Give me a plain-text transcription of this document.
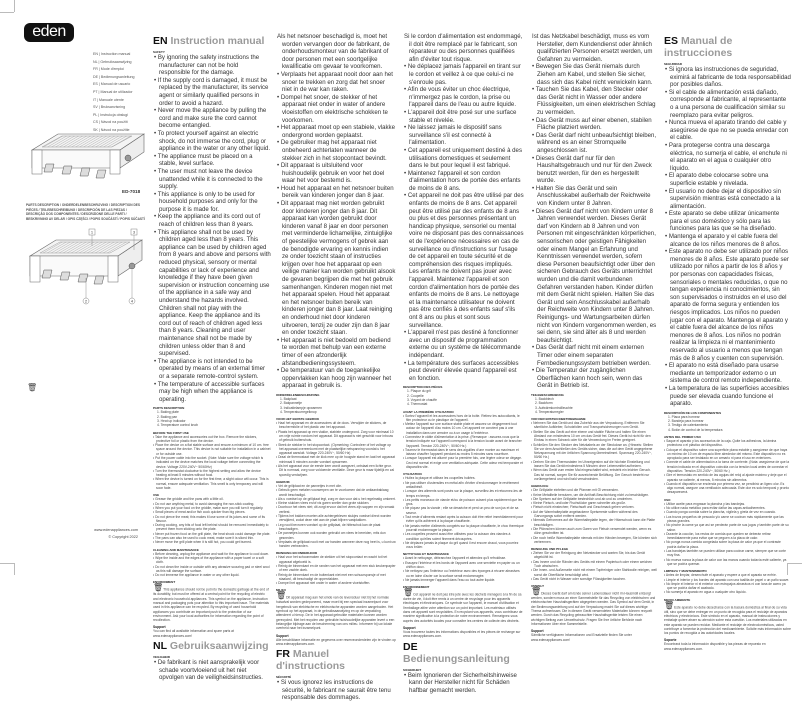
eden
EN | Instruction manual
NL | Gebruiksaanwijzing
FR | Mode d'emploi
DE | Bedienungsanleitung
ES | Manual de usuario
PT | Manual de utilizador
IT | Manuale utente
SV | Bruksanvisning
PL | Instrukcja obsługi
CS | Návod na použití
SK | Návod na použitie
ED-7018
PARTS DESCRIPTION / ONDERDELENBESCHRIJVING / DESCRIPTION DES PIÈCES / TEILEBESCHREIBUNG / DESCRIPCIÓN DE LAS PIEZAS / DESCRIÇÃO DOS COMPONENTES / DESCRIZIONE DELLE PARTI / BESKRIVNING AV DELAR / OPIS CZĘŚCI / POPIS SOUČÁSTÍ / POPIS SÚČASTÍ
1	3
2	4
🗑
www.edenappliances.com
© Copyright 2022
EN Instruction manual
SAFETY
• By ignoring the safety instructions the manufacturer can not be hold responsible for the damage.
• If the supply cord is damaged, it must be replaced by the manufacturer, its service agent or similarly qualified persons in order to avoid a hazard.
• Never move the appliance by pulling the cord and make sure the cord cannot become entangled.
• To protect yourself against an electric shock, do not immerse the cord, plug or appliance in the water or any other liquid.
• The appliance must be placed on a stable, level surface.
• The user must not leave the device unattended while it is connected to the supply.
• This appliance is only to be used for household purposes and only for the purpose it is made for.
• Keep the appliance and its cord out of reach of children less than 8 years.
• This appliance shall not be used by children aged less than 8 years. This appliance can be used by children aged from 8 years and above and persons with reduced physical, sensory or mental capabilities or lack of experience and knowledge if they have been given supervision or instruction concerning use of the appliance in a safe way and understand the hazards involved. Children shall not play with the appliance. Keep the appliance and its cord out of reach of children aged less than 8 years. Cleaning and user maintenance shall not be made by children unless older than 8 and supervised.
• The appliance is not intended to be operated by means of an external timer or a separate remote-control system.
• The temperature of accessible surfaces may be high when the appliance is operating.
PARTS DESCRIPTION
1. Baking plate
2. Baking pan
3. Heat up indicator
4. Temperature control knob
BEFORE THE FIRST USE
• Take the appliance and accessories out the box. Remove the stickers, protective foil or plastic from the device.
• Place the device on a flat stable surface and ensure a minimum of 10 cm. free space around the device. This device is not suitable for installation in a cabinet or for outside use.
• Put the power cable into the socket. (Note: Make sure the voltage which is indicated on the device matches the local voltage before connecting the device. Voltage 220V-240V~ 50/60Hz)
• Turn the thermostat clockwise to the highest setting and allow the device heating at least 5 minutes without food.
• When the device is turned on for the first time, a slight odour will occur. This is normal, ensure adequate ventilation. This smell is only temporary and will soon fade.
USE
• Grease the griddle and the pans with a little oil.
• Do not use anything metal, to avoid damaging the non-stick coating.
• When you put your food on the griddle, make sure you will turn it regularly.
• Small pieces of meat and/or fish cook quicker than big pieces.
• Do not pierce the meat; this makes it lose some of its juices and some of its flavour.
• During cooking, any bits of food left behind should be removed immediately to prevent them from sticking onto the plate.
• Never put frozen food on the grill plate, the heat shock could damage the plate.
• The pans can also be used to cook meat, make sure it is sliced thin.
• Never move the grill plate when it is still hot, you could get burned.
CLEANING AND MAINTENANCE
• Before cleaning, unplug the appliance and wait for the appliance to cool down.
• Wipe the inside and the edges of the appliance with a paper towel or a soft cloth.
• Do not clean the inside or outside with any abrasive scouring pad or steel wool as this will damage the surface.
• Do not immerse the appliance in water or any other liquid.
ENVIRONMENT
🗑This appliance should not be put into the domestic garbage at the end of its durability, but must be offered at a central point for the recycling of electric and electronic household appliances. This symbol on the appliance, instruction manual and packaging puts your attention to this important issue. The materials used in this appliance can be recycled. By recycling of used household appliances you contribute an important push to the protection of our environment. Ask your local authorities for information regarding the point of recollection.
Support
You can find all available information and spare parts at www.edenappliances.com!
NL Gebruiksaanwijzing
VEILIGHEID
• De fabrikant is niet aansprakelijk voor schade voortvloeiend uit het niet opvolgen van de veiligheidsinstructies.
Als het netsnoer beschadigd is, moet het worden vervangen door de fabrikant, de onderhoudsmonteur van de fabrikant of door personen met een soortgelijke kwalificatie om gevaar te voorkomen.
• Verplaats het apparaat nooit door aan het snoer te trekken en zorg dat het snoer niet in de war kan raken.
• Dompel het snoer, de stekker of het apparaat niet onder in water of andere vloeistoffen om elektrische schokken te voorkomen.
• Het apparaat moet op een stabiele, vlakke ondergrond worden geplaatst.
• De gebruiker mag het apparaat niet onbeheerd achterlaten wanneer de stekker zich in het stopcontact bevindt.
• Dit apparaat is uitsluitend voor huishoudelijk gebruik en voor het doel waar het voor bestemd is.
• Houd het apparaat en het netsnoer buiten bereik van kinderen jonger dan 8 jaar.
• Dit apparaat mag niet worden gebruikt door kinderen jonger dan 8 jaar. Dit apparaat kan worden gebruikt door kinderen vanaf 8 jaar en door personen met verminderde lichamelijke, zintuiglijke of geestelijke vermogens of gebrek aan de benodigde ervaring en kennis indien ze onder toezicht staan of instructies krijgen over hoe het apparaat op een veilige manier kan worden gebruikt alsook de gevaren begrijpen die met het gebruik samenhangen. Kinderen mogen niet met het apparaat spelen. Houd het apparaat en het netsnoer buiten bereik van kinderen jonger dan 8 jaar. Laat reiniging en onderhoud niet door kinderen uitvoeren, tenzij ze ouder zijn dan 8 jaar en onder toezicht staan.
• Het apparaat is niet bedoeld om bediend te worden met behulp van een externe timer of een afzonderlijk afstandbedieningssysteem.
• De temperatuur van de toegankelijke oppervlakken kan hoog zijn wanneer het apparaat in gebruik is.
ONDERDELENBESCHRIJVING
1. Bakplaat
2. Bakpannetje
3. Indicatielampje opwarmen
4. Temperatuurregelknop
VOOR HET EERSTE GEBRUIK
• Haal het apparaat en de accessoires uit de doos. Verwijder de stickers, de beschermfolie of het plastic van het apparaat.
• Plaats het apparaat op een vlakke, stabiele ondergrond. Zorg voor minimaal 10 cm vrije ruimte rondom het apparaat. Dit apparaat is niet geschikt voor inbouw of gebruik buitenshuis.
• Steek de stekker in het stopcontact. (Opmerking: Controleer of het voltage op het apparaat overeenkomt met de plaatselijke netspanning voordat u het apparaat aansluit. Voltage 220-240V~, 50/60 Hz)
• Draai de thermostaat met de klok mee op de hoogste stand en laat het apparaat minimaal 5 minuten zonder voedsel opwarmen.
• Als het apparaat voor de eerste keer wordt aangezet, ontstaat een lichte geur. Dit is normaal, zorg voor voldoende ventilatie. Deze geur is maar tijdelijk en zal spoedig verdwijnen.
GEBRUIK
• Vet de grillplaat en de pannetjes in met olie.
• Gebruik geen metalen voorwerpen om te voorkomen dat de antiaanbaklaag wordt beschadigd.
• Als u voedsel op de grillplaat legt, zorg er dan voor dat u het regelmatig omkeert.
• Kleine stukken vlees en/of vis garen sneller dan grote stukken.
• Doorboor het vlees niet; dit zorgt ervoor dat het vlees zijn sappen en zijn smaak verliest.
• Tijdens het bakken moeten alle achtergebleven stukjes voedsel direct worden verwijderd, zodat deze niet aan de plaat blijven vastplakken.
• Leg nooit bevroren voedsel op de grillplaat, de hitteschok kan de plaat beschadigen.
• De pannetjes kunnen ook worden gebruikt om vlees te bereiden, mits dun gesneden.
• Verplaats de grillplaat nooit met uw handen wanneer deze nog heet is, u kunt uw handen verbranden.
REINIGING EN ONDERHOUD
• Haal voor het schoonmaken de stekker uit het stopcontact en wacht tot het apparaat afgekoeld is.
• Reinig de binnenkant en de randen van het apparaat met een stuk keukenpapier of een zachte doek.
• Reinig de binnenkant en de buitenkant niet met een schuursponsje of met staalwol, dit beschadigt de oppervlakken.
• Dompel het apparaat niet onder in water of andere vloeistoffen.
MILIEU
🗑Dit apparaat mag aan het einde van de levensduur niet bij het normale huisafval worden gedeponeerd, maar moet bij een speciaal inzamelpunt voor hergebruik van elektrische en elektronische apparaten worden aangeboden. Het symbool op het apparaat, in de gebruiksaanwijzing en op de verpakking attendeert u hierop. De in het apparaat gebruikte materialen kunnen worden gerecycled. Met het recyclen van gebruikte huishoudelijke apparaten levert u een belangrijke bijdrage aan de bescherming van ons milieu. Informeer bij uw lokale overheid naar het inzamelpunt.
Support
Alle beschikbare informatie en gegevens over reserveonderdelen zijn te vinden op www.edenappliances.com.
FR Manuel d'instructions
SÉCURITÉ
• Si vous ignorez les instructions de sécurité, le fabricant ne saurait être tenu responsable des dommages.
Si le cordon d'alimentation est endommagé, il doit être remplacé par le fabricant, son réparateur ou des personnes qualifiées afin d'éviter tout risque.
• Ne déplacez jamais l'appareil en tirant sur le cordon et veillez à ce que celui-ci ne s'enroule pas.
• Afin de vous éviter un choc électrique, n'immergez pas le cordon, la prise ou l'appareil dans de l'eau ou autre liquide.
• L'appareil doit être posé sur une surface stable et nivelée.
• Ne laissez jamais le dispositif sans surveillance s'il est connecté à l'alimentation.
• Cet appareil est uniquement destiné à des utilisations domestiques et seulement dans le but pour lequel il est fabriqué.
• Maintenez l'appareil et son cordon d'alimentation hors de portée des enfants de moins de 8 ans.
• Cet appareil ne doit pas être utilisé par des enfants de moins de 8 ans. Cet appareil peut être utilisé par des enfants de 8 ans ou plus et des personnes présentant un handicap physique, sensoriel ou mental voire ne disposant pas des connaissances et de l'expérience nécessaires en cas de surveillance ou d'instructions sur l'usage de cet appareil en toute sécurité et de compréhension des risques impliqués. Les enfants ne doivent pas jouer avec l'appareil. Maintenez l'appareil et son cordon d'alimentation hors de portée des enfants de moins de 8 ans. Le nettoyage et la maintenance utilisateur ne doivent pas être confiés à des enfants sauf s'ils ont 8 ans ou plus et sont sous surveillance.
• L'appareil n'est pas destiné à fonctionner avec un dispositif de programmation externe ou un système de télécommande indépendant.
• La température des surfaces accessibles peut devenir élevée quand l'appareil est en fonction.
DESCRIPTION DES PIÈCES
1. Plaque du gril
2. Coupelle
3. Voyant de chauffe
4. Thermostat
AVANT LA PREMIÈRE UTILISATION
• Sortez l'appareil et les accessoires hors de la boîte. Retirez les autocollants, le film protecteur ou le plastique de l'appareil.
• Mettez l'appareil sur une surface stable plate et assurez un dégagement tout autour de l'appareil d'au moins 10 cm. Cet appareil ne convient pas à une installation dans une armoire ou à un usage à l'extérieur.
• Connectez le câble d'alimentation à la prise. (Remarque : assurez-vous que la tension indiquée sur l'appareil correspond à la tension locale avant de brancher l'appareil. Tension 220-240V~, 50/60 Hz.)
• Tournez le thermostat dans le sens des aiguilles d'une montre au maximum et laissez chauffer l'appareil pendant au moins 5 minutes sans nourriture.
• Lorsque l'appareil est allumé pour la première fois, une légère odeur se dégage. Ceci est normal et exige une ventilation adéquate. Cette odeur est temporaire et disparaîtra vite.
UTILISATION
• Huilez la plaque et utilisez les coupelles huilées.
• Ne pas utiliser d'ustensiles en métal afin d'éviter d'endommager le revêtement antiadhésif.
• Lorsque des aliments sont posés sur la plaque, surveillez-les et retournez-les de temps en temps.
• Les petits morceaux de viande et/ou de poisson cuisent plus rapidement que les gros.
• Ne piquez pas la viande ; elle se dessèche et perd un peu de son jus et de sa saveur.
• Tout reste d'aliments restant après la cuisson doit être retiré immédiatement pour éviter qu'ils adhèrent à la plaque chauffante.
• Ne jamais mettre d'aliments congelés sur la plaque chauffante, le choc thermique pourrait endommager la plaque.
• Les coupelles peuvent aussi être utilisées pour la cuisson des viandes à condition qu'elles soient finement découpées.
• Ne déplacez jamais la plaque du gril quand il est encore chaud, vous pourriez vous brûler.
NETTOYAGE ET MAINTENANCE
• Avant le nettoyage, débranchez l'appareil et attendez qu'il refroidisse.
• Essuyez l'intérieur et les bords de l'appareil avec une serviette en papier ou un chiffon doux.
• Ne nettoyez pas l'intérieur ou l'extérieur avec des éponges à récurer abrasives ou en laine d'acier car la surface serait endommagée.
• Ne jamais immerger l'appareil dans l'eau ou tout autre liquide.
ENVIRONNEMENT
🗑Cet appareil ne doit pas être jeté avec les déchets ménagers à la fin de sa durée de vie, il doit être remis à un centre de recyclage pour les appareils électriques et électroniques. Ce symbole sur l'appareil, le manuel d'utilisation et l'emballage attire votre attention sur un point important. Les matériaux utilisés dans cet appareil sont recyclables. En recyclant vos appareils, vous contribuez de manière significative à la protection de notre environnement. Renseignez-vous auprès des autorités locales pour connaître les centres de collecte des déchets.
Support
Vous trouverez toutes les informations disponibles et les pièces de rechange sur www.edenappliances.com.
DE Bedienungsanleitung
SICHERHEIT
• Beim Ignorieren der Sicherheitshinweise kann der Hersteller nicht für Schäden haftbar gemacht werden.
Ist das Netzkabel beschädigt, muss es vom Hersteller, dem Kundendienst oder ähnlich qualifizierten Personen ersetzt werden, um Gefahren zu vermeiden.
• Bewegen Sie das Gerät niemals durch Ziehen am Kabel, und stellen Sie sicher, dass sich das Kabel nicht verwickeln kann.
• Tauchen Sie das Kabel, den Stecker oder das Gerät nicht in Wasser oder andere Flüssigkeiten, um einen elektrischen Schlag zu vermeiden.
• Das Gerät muss auf einer ebenen, stabilen Fläche platziert werden.
• Das Gerät darf nicht unbeaufsichtigt bleiben, während es an einer Stromquelle angeschlossen ist.
• Dieses Gerät darf nur für den Haushaltsgebrauch und nur für den Zweck benutzt werden, für den es hergestellt wurde.
• Halten Sie das Gerät und sein Anschlusskabel außerhalb der Reichweite von Kindern unter 8 Jahren.
• Dieses Gerät darf nicht von Kindern unter 8 Jahren verwendet werden. Dieses Gerät darf von Kindern ab 8 Jahren und von Personen mit eingeschränkten körperlichen, sensorischen oder geistigen Fähigkeiten oder einem Mangel an Erfahrung und Kenntnissen verwendet werden, sofern diese Personen beaufsichtigt oder über den sicheren Gebrauch des Geräts unterrichtet wurden und die damit verbundenen Gefahren verstanden haben. Kinder dürfen mit dem Gerät nicht spielen. Halten Sie das Gerät und sein Anschlusskabel außerhalb der Reichweite von Kindern unter 8 Jahren. Reinigungs- und Wartungsarbeiten dürfen nicht von Kindern vorgenommen werden, es sei denn, sie sind älter als 8 und werden beaufsichtigt.
• Das Gerät darf nicht mit einem externen Timer oder einem separaten Fernbedienungssystem betrieben werden.
• Die Temperatur der zugänglichen Oberflächen kann hoch sein, wenn das Gerät in Betrieb ist.
TEILEBESCHREIBUNG
1. Backblech
2. Backform
3. Aufwärmkontrollleuchte
4. Temperaturregler
VOR DER ERSTEN INBETRIEBNAHME
• Nehmen Sie das Gerät und das Zubehör aus der Verpackung. Entfernen Sie sämtliche Aufkleber, Schutzfolien und Transportsicherungen vom Gerät.
• Stellen Sie das Gerät auf eine ebene und stabile Fläche und halten Sie einen Abstand von mindestens 10 cm um das Gerät frei. Dieses Gerät ist nicht für den Einbau in einen Schrank oder für die Verwendung im Freien geeignet.
• Schließen Sie den Stecker des Netzkabels an der Steckdose an. (Hinweis: Stellen Sie vor dem Anschließen des Geräts sicher, dass die auf dem Gerät angegebene Netzspannung mit der örtlichen Spannung übereinstimmt. Spannung 220-240V~, 50/60 Hz.)
• Drehen Sie den Thermostaten im Uhrzeigersinn auf die höchste Einstellung und lassen Sie das Gerät mindestens 5 Minuten ohne Lebensmittel aufheizen.
• Wenn das Gerät zum ersten Mal eingeschaltet wird, entsteht ein leichter Geruch. Das ist normal, sorgen Sie für ausreichende Belüftung. Der Geruch besteht nur vorübergehend und wird bald verschwinden.
GEBRAUCH
• Die Grillplatte einfetten und die Pfannen mit Öl verwenden.
• Keine Metallteile benutzen, um die Antihaft-Beschichtung nicht zu beschädigen.
• Die Speisen auf der Grillplatte bestechlich und ab und zu umdrehen.
• Kleine Fleisch- und/oder Fischstücke garen schneller als große.
• Fleisch nicht einstechen; Fleischsaft und Geschmack gehen verloren.
• Auf der Warmhalteplatte angebackene Speisereste sollten während des Garvorgangs sofort entfernt werden.
• Niemals Gefrorenes auf die Warmhalteplatte legen, der Hitzeschock kann die Platte beschädigen.
• Die Pfännchen können auch zum Garen von Fleisch verwendet werden, wenn es dünn geschnitten ist.
• Die noch heiße Warmhalteplatte niemals mit den Händen bewegen, Sie könnten sich verbrennen.
REINIGUNG UND PFLEGE
• Ziehen Sie vor der Reinigung den Netzstecker und warten Sie, bis das Gerät abgekühlt ist.
• Das Innere und die Ränder des Geräts mit einem Papiertuch oder einem weichen Tuch abwischen.
• Die Innen- und Außenseite nicht mit einem Topfreiniger oder Stahlwolle reinigen, weil sonst die Oberfläche beschädigt wird.
• Das Gerät nicht in Wasser oder sonstige Flüssigkeiten tauchen.
UMWELT
🗑Dieses Gerät darf am Ende seiner Lebensdauer nicht im Hausmüll entsorgt werden, sondern muss an einer Sammelstelle für das Recycling von elektrischen und elektronischen Haushaltsgeräten abgegeben werden. Das Symbol auf dem Gerät, in der Bedienungsanleitung und auf der Verpackung macht Sie auf dieses wichtige Thema aufmerksam. Die in diesem Gerät verwendeten Materialien können recycelt werden. Durch das Recycling gebrauchter Haushaltsgeräte leisten Sie einen wichtigen Beitrag zum Umweltschutz. Fragen Sie Ihre örtliche Behörde nach Informationen über eine Sammelstelle.
Support
Sämtliche verfügbaren Informationen und Ersatzteile finden Sie unter www.edenappliances.com!
ES Manual de instrucciones
SEGURIDAD
• Si ignora las instrucciones de seguridad, eximirá al fabricante de toda responsabilidad por posibles daños.
• Si el cable de alimentación está dañado, corresponde al fabricante, al representante o a una persona de cualificación similar su reemplazo para evitar peligros.
• Nunca mueva el aparato tirando del cable y asegúrese de que no se pueda enredar con el cable.
• Para protegerse contra una descarga eléctrica, no sumerja el cable, el enchufe ni el aparato en el agua o cualquier otro líquido.
• El aparato debe colocarse sobre una superficie estable y nivelada.
• El usuario no debe dejar el dispositivo sin supervisión mientras está conectado a la alimentación.
• Este aparato se debe utilizar únicamente para el uso doméstico y sólo para las funciones para las que se ha diseñado.
• Mantenga el aparato y el cable fuera del alcance de los niños menores de 8 años.
• Este aparato no debe ser utilizado por niños menores de 8 años. Este aparato puede ser utilizado por niños a partir de los 8 años y por personas con capacidades físicas, sensoriales o mentales reducidas, o que no tengan experiencia ni conocimientos, sin son supervisados o instruidos en el uso del aparato de forma segura y entienden los riesgos implicados. Los niños no pueden jugar con el aparato. Mantenga el aparato y el cable fuera del alcance de los niños menores de 8 años. Los niños no podrán realizar la limpieza ni el mantenimiento reservado al usuario a menos que tengan más de 8 años y cuenten con supervisión.
• El aparato no está diseñado para usarse mediante un temporizador externo o un sistema de control remoto independiente.
• La temperatura de las superficies accesibles puede ser elevada cuando funcione el aparato.
DESCRIPCIÓN DE LOS COMPONENTES
1. Placa para hornear
2. Bandeja para hornear
3. Testigo de calentamiento
4. Botón de control de la temperatura
ANTES DEL PRIMER USO
• Saque el aparato y los accesorios de la caja. Quite los adhesivos, la lámina protectora o el plástico del dispositivo.
• Coloque el dispositivo sobre una superficie plana estable y asegúrese de que haya un mínimo de 10 cm de espacio libre alrededor del mismo. Este dispositivo no es apropiado para ser instalado en un armario ni para el uso en exteriores.
• Conecte el cable de alimentación a la toma de corriente. (Nota: asegúrese de que la tensión indicada en el dispositivo coincida con la tensión local antes de conectar el dispositivo. Tensión 220-240V~, 50/60 Hz.)
• Gire el termostato en sentido de las agujas del reloj al ajuste máximo y deje que el aparato se caliente, al menos, 5 minutos sin alimentos.
• Cuando el dispositivo se encienda por primera vez, se percibirá un ligero olor. Es algo normal, asegure una ventilación adecuada. Este olor es solo temporal y pronto desaparecerá.
USO
• Utilice aceite para engrasar la plancha y las bandejas.
• No utilice nada metálico para evitar dañar las capas antiadherentes.
• Cuando ponga comida sobre la plancha, vigílela y gírela de vez en cuando.
• Los trozos pequeños de pescado y/o carne se cocinan más rápidamente que las piezas grandes.
• No pinche la carne ya que así se perderán parte de sus jugos y también parte de su sabor.
• Durante la cocción, los restos de comida que queden se deberán retirar inmediatamente para evitar que se peguen a la placa de calor.
• No ponga nunca comida congelada sobre la placa de calor ya que el contraste podría dañar la placa.
• Las bandejas también se pueden utilizar para cocinar carne, siempre que se corte muy fina.
• No mueva nunca la placa de calor con las manos cuando todavía esté caliente, ya que se podría quemar.
LIMPIEZA Y MANTENIMIENTO
• Antes de limpiar, desenchufe el aparato y espere a que el aparato se enfríe.
• Limpie el interior y los bordes del aparato con una toallita de papel o un paño suave.
• No limpie el interior ni el exterior con estropajos abrasivos ni con lana de acero ya que se podría dañar el acabado.
• No sumerja el aparato en agua o cualquier otro líquido.
MEDIO AMBIENTE
🗑Este aparato no debe desecharse con la basura doméstica al final de su vida útil, sino que se debe entregar en un punto de recogida para el reciclaje de aparatos eléctricos y electrónicos. Este símbolo en el aparato, manual de instrucciones y embalaje quiere atraer su atención sobre esta cuestión. Los materiales utilizados en este aparato se pueden reciclar. Mediante el reciclaje de electrodomésticos, usted contribuye a fomentar la protección del medioambiente. Solicite más información sobre los puntos de recogida a las autoridades locales.
Soporte
Encontrará toda la información disponible y las piezas de repuesto en www.edenappliances.com.
